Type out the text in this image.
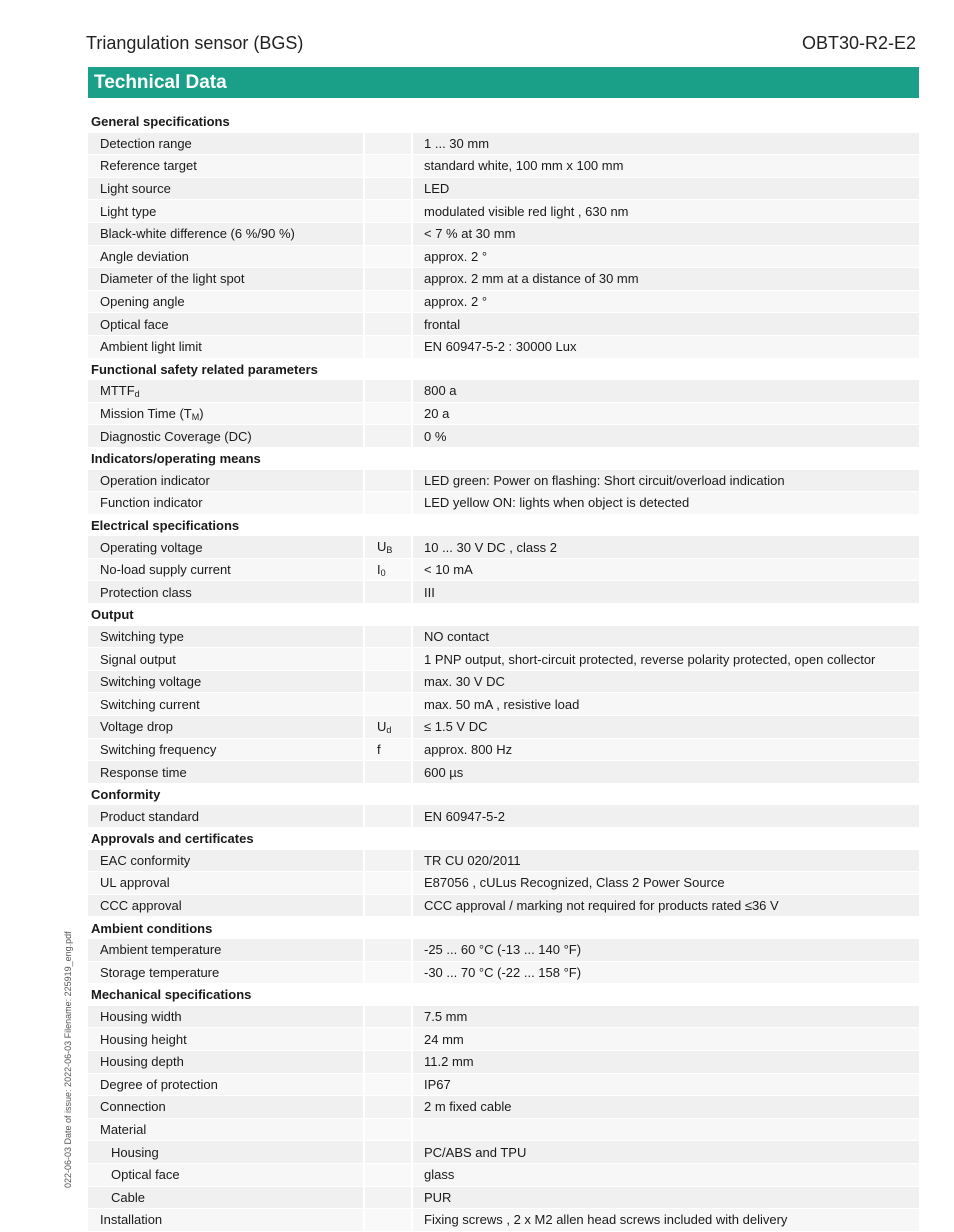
Triangulation sensor (BGS)	OBT30-R2-E2
Technical Data
022-06-03 Date of issue: 2022-06-03 Filename: 225919_eng.pdf
General specifications		
Detection range		1 ... 30 mm
Reference target		standard white, 100 mm x 100 mm
Light source		LED
Light type		modulated visible red light , 630 nm
Black-white difference (6 %/90 %)		< 7 % at 30 mm
Angle deviation		approx. 2 °
Diameter of the light spot		approx. 2 mm at a distance of 30 mm
Opening angle		approx. 2 °
Optical face		frontal
Ambient light limit		EN 60947-5-2 : 30000 Lux
Functional safety related parameters		
$MTTF_d$		800 a
Mission Time $(T_M)$		20 a
Diagnostic Coverage (DC)		0 %
Indicators/operating means		
Operation indicator		LED green: Power on flashing: Short circuit/overload indication
Function indicator		LED yellow ON: lights when object is detected
Electrical specifications		
Operating voltage	$U_B$	10 ... 30 V DC , class 2
No-load supply current	$I_0$	< 10 mA
Protection class		III
Output		
Switching type		NO contact
Signal output		1 PNP output, short-circuit protected, reverse polarity protected, open collector
Switching voltage		max. 30 V DC
Switching current		max. 50 mA , resistive load
Voltage drop	$U_d$	≤ 1.5 V DC
Switching frequency	f	approx. 800 Hz
Response time		600 µs
Conformity		
Product standard		EN 60947-5-2
Approvals and certificates		
EAC conformity		TR CU 020/2011
UL approval		E87056 , cULus Recognized, Class 2 Power Source
CCC approval		CCC approval / marking not required for products rated ≤36 V
Ambient conditions		
Ambient temperature		-25 ... 60 °C (-13 ... 140 °F)
Storage temperature		-30 ... 70 °C (-22 ... 158 °F)
Mechanical specifications		
Housing width		7.5 mm
Housing height		24 mm
Housing depth		11.2 mm
Degree of protection		IP67
Connection		2 m fixed cable
Material		
Housing		PC/ABS and TPU
Optical face		glass
Cable		PUR
Installation		Fixing screws , 2 x M2 allen head screws included with delivery
